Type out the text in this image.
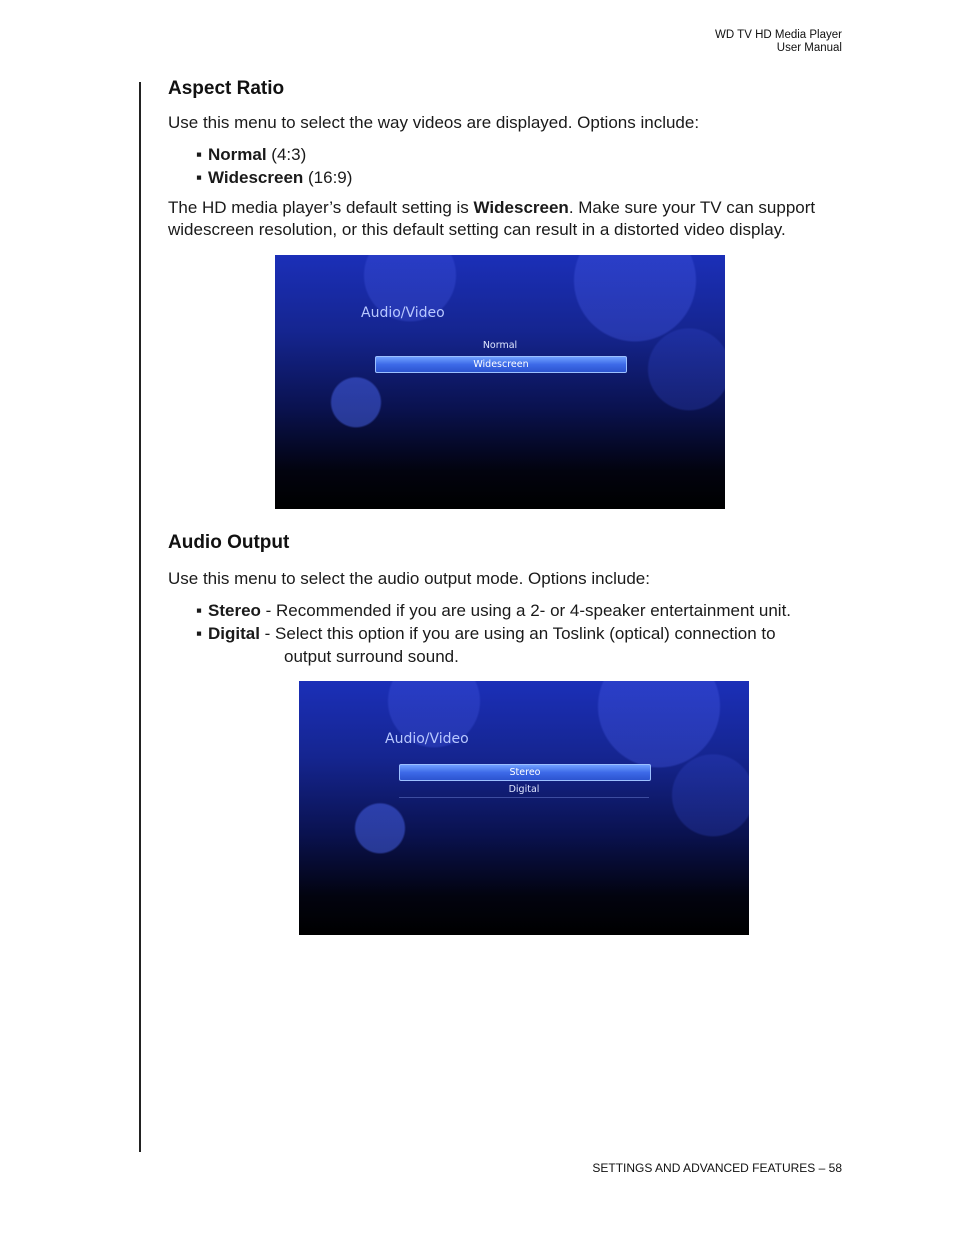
WD TV HD Media Player
User Manual
Aspect Ratio

Use this menu to select the way videos are displayed. Options include:

▪ Normal (4:3)
▪ Widescreen (16:9)

The HD media player’s default setting is Widescreen. Make sure your TV can support widescreen resolution, or this default setting can result in a distorted video display.

Audio/Video
Normal
Widescreen
Audio Output

Use this menu to select the audio output mode. Options include:

▪ Stereo - Recommended if you are using a 2- or 4-speaker entertainment unit.
▪ Digital - Select this option if you are using an Toslink (optical) connection to
output surround sound.
Audio/Video
Stereo
Digital
SETTINGS AND ADVANCED FEATURES – 58
